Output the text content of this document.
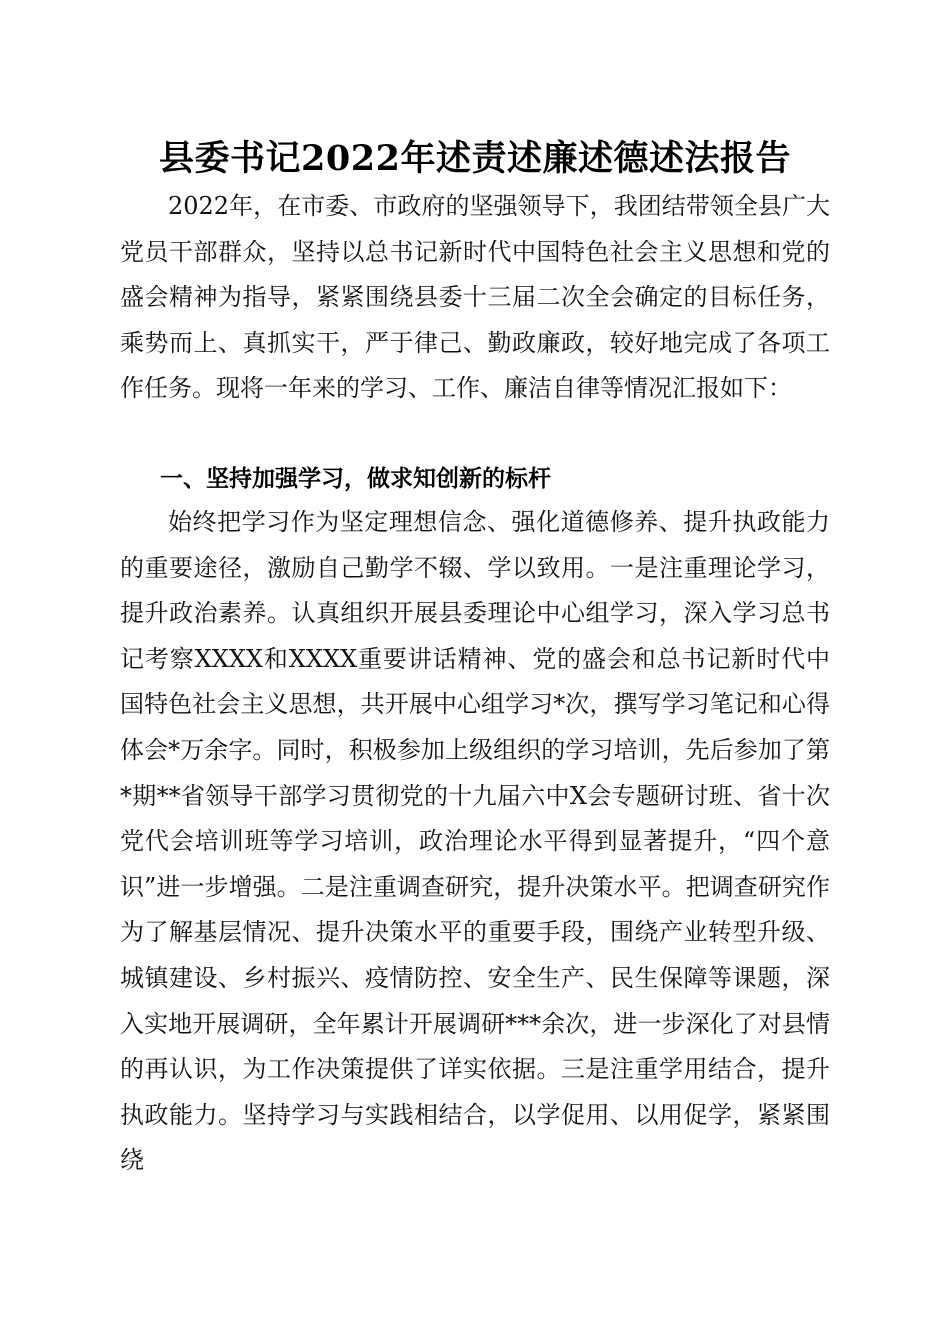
县委书记2022年述责述廉述德述法报告
2022年，在市委、市政府的坚强领导下，我团结带领全县广大党员干部群众，坚持以总书记新时代中国特色社会主义思想和党的盛会精神为指导，紧紧围绕县委十三届二次全会确定的目标任务，乘势而上、真抓实干，严于律己、勤政廉政，较好地完成了各项工作任务。现将一年来的学习、工作、廉洁自律等情况汇报如下：
一、坚持加强学习，做求知创新的标杆
始终把学习作为坚定理想信念、强化道德修养、提升执政能力的重要途径，激励自己勤学不辍、学以致用。一是注重理论学习，提升政治素养。认真组织开展县委理论中心组学习，深入学习总书记考察XXXX和XXXX重要讲话精神、党的盛会和总书记新时代中国特色社会主义思想，共开展中心组学习*次，撰写学习笔记和心得体会*万余字。同时，积极参加上级组织的学习培训，先后参加了第*期**省领导干部学习贯彻党的十九届六中X会专题研讨班、省十次党代会培训班等学习培训，政治理论水平得到显著提升，“四个意识”进一步增强。二是注重调查研究，提升决策水平。把调查研究作为了解基层情况、提升决策水平的重要手段，围绕产业转型升级、城镇建设、乡村振兴、疫情防控、安全生产、民生保障等课题，深入实地开展调研，全年累计开展调研***余次，进一步深化了对县情的再认识，为工作决策提供了详实依据。三是注重学用结合，提升执政能力。坚持学习与实践相结合，以学促用、以用促学，紧紧围绕
